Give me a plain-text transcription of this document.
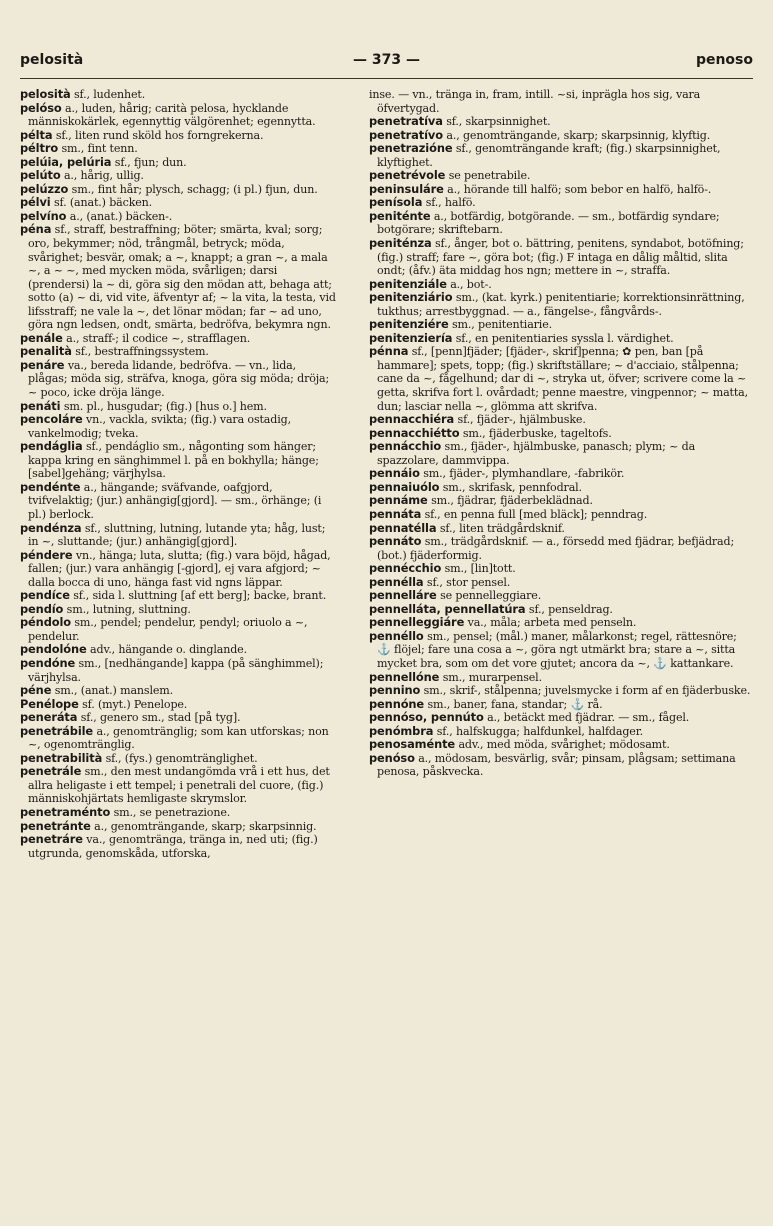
pelosità	— 373 —	penoso

pelosità sf., ludenhet.

pelóso a., luden, hårig; carità pelosa, hycklande människokärlek, egennyttig välgörenhet; egennytta.

pélta sf., liten rund sköld hos forngrekerna.

péltro sm., fint tenn.

pelúia, pelúria sf., fjun; dun.

pelúto a., hårig, ullig.

pelúzzo sm., fint hår; plysch, schagg; (i pl.) fjun, dun.

pélvi sf. (anat.) bäcken.

pelvíno a., (anat.) bäcken-.

péna sf., straff, bestraffning; böter; smärta, kval; sorg; oro, bekymmer; nöd, trångmål, betryck; möda, svårighet; besvär, omak; a ~, knappt; a gran ~, a mala ~, a ~ ~, med mycken möda, svårligen; darsi (prendersi) la ~ di, göra sig den mödan att, behaga att; sotto (a) ~ di, vid vite, äfventyr af; ~ la vita, la testa, vid lifsstraff; ne vale la ~, det lönar mödan; far ~ ad uno, göra ngn ledsen, ondt, smärta, bedröfva, bekymra ngn.

penále a., straff-; il codice ~, strafflagen.

penalità sf., bestraffningssystem.

penáre va., bereda lidande, bedröfva. — vn., lida, plågas; möda sig, sträfva, knoga, göra sig möda; dröja; ~ poco, icke dröja länge.

penáti sm. pl., husgudar; (fig.) [hus o.] hem.

pencoláre vn., vackla, svikta; (fig.) vara ostadig, vankelmodig; tveka.

pendáglia sf., pendáglio sm., någonting som hänger; kappa kring en sänghimmel l. på en bokhylla; hänge; [sabel]gehäng; värjhylsa.

pendénte a., hängande; sväfvande, oafgjord, tvifvelaktig; (jur.) anhängig[gjord]. — sm., örhänge; (i pl.) berlock.

pendénza sf., sluttning, lutning, lutande yta; håg, lust; in ~, sluttande; (jur.) anhängig[gjord].

péndere vn., hänga; luta, slutta; (fig.) vara böjd, hågad, fallen; (jur.) vara anhängig [-gjord], ej vara afgjord; ~ dalla bocca di uno, hänga fast vid ngns läppar.

pendíce sf., sida l. sluttning [af ett berg]; backe, brant.

pendío sm., lutning, sluttning.

péndolo sm., pendel; pendelur, pendyl; oriuolo a ~, pendelur.

pendolóne adv., hängande o. dinglande.

pendóne sm., [nedhängande] kappa (på sänghimmel); värjhylsa.

péne sm., (anat.) manslem.

Penélope sf. (myt.) Penelope.

peneráta sf., genero sm., stad [på tyg].

penetrábile a., genomtränglig; som kan utforskas; non ~, ogenomtränglig.

penetrabilità sf., (fys.) genomtränglighet.

penetrále sm., den mest undangömda vrå i ett hus, det allra heligaste i ett tempel; i penetrali del cuore, (fig.) människohjärtats hemligaste skrymslor.

penetraménto sm., se penetrazione.

penetránte a., genomträngande, skarp; skarpsinnig.

penetráre va., genomtränga, tränga in, ned uti; (fig.) utgrunda, genomskåda, utforska,

inse. — vn., tränga in, fram, intill. ~si, inprägla hos sig, vara öfvertygad.

penetratíva sf., skarpsinnighet.

penetratívo a., genomträngande, skarp; skarpsinnig, klyftig.

penetrazióne sf., genomträngande kraft; (fig.) skarpsinnighet, klyftighet.

penetrévole se penetrabile.

peninsuláre a., hörande till halfö; som bebor en halfö, halfö-.

penísola sf., halfö.

peniténte a., botfärdig, botgörande. — sm., botfärdig syndare; botgörare; skriftebarn.

peniténza sf., ånger, bot o. bättring, penitens, syndabot, botöfning; (fig.) straff; fare ~, göra bot; (fig.) F intaga en dålig måltid, slita ondt; (åfv.) äta middag hos ngn; mettere in ~, straffa.

penitenziále a., bot-.

penitenziário sm., (kat. kyrk.) penitentiarie; korrektionsinrättning, tukthus; arrestbyggnad. — a., fängelse-, fångvårds-.

penitenziére sm., penitentiarie.

penitenziería sf., en penitentiaries syssla l. värdighet.

pénna sf., [penn]fjäder; [fjäder-, skrif]penna; ✿ pen, ban [på hammare]; spets, topp; (fig.) skriftställare; ~ d'acciaio, stålpenna; cane da ~, fågelhund; dar di ~, stryka ut, öfver; scrivere come la ~ getta, skrifva fort l. ovårdadt; penne maestre, vingpennor; ~ matta, dun; lasciar nella ~, glömma att skrifva.

pennacchiéra sf., fjäder-, hjälmbuske.

pennacchiétto sm., fjäderbuske, tageltofs.

pennácchio sm., fjäder-, hjälmbuske, panasch; plym; ~ da spazzolare, dammvippa.

pennáio sm., fjäder-, plymhandlare, -fabrikör.

pennaiuólo sm., skrifask, pennfodral.

pennáme sm., fjädrar, fjäderbeklädnad.

pennáta sf., en penna full [med bläck]; penndrag.

pennatélla sf., liten trädgårdsknif.

pennáto sm., trädgårdsknif. — a., försedd med fjädrar, befjädrad; (bot.) fjäderformig.

pennécchio sm., [lin]tott.

pennélla sf., stor pensel.

pennelláre se pennelleggiare.

pennelláta, pennellatúra sf., penseldrag.

pennelleggiáre va., måla; arbeta med penseln.

pennéllo sm., pensel; (mål.) maner, målarkonst; regel, rättesnöre; ⚓ flöjel; fare una cosa a ~, göra ngt utmärkt bra; stare a ~, sitta mycket bra, som om det vore gjutet; ancora da ~, ⚓ kattankare.

pennellóne sm., murarpensel.

pennino sm., skrif-, stålpenna; juvelsmycke i form af en fjäderbuske.

pennóne sm., baner, fana, standar; ⚓ rå.

pennóso, pennúto a., betäckt med fjädrar. — sm., fågel.

penómbra sf., halfskugga; halfdunkel, halfdager.

penosaménte adv., med möda, svårighet; mödosamt.

penóso a., mödosam, besvärlig, svår; pinsam, plågsam; settimana penosa, påskvecka.
